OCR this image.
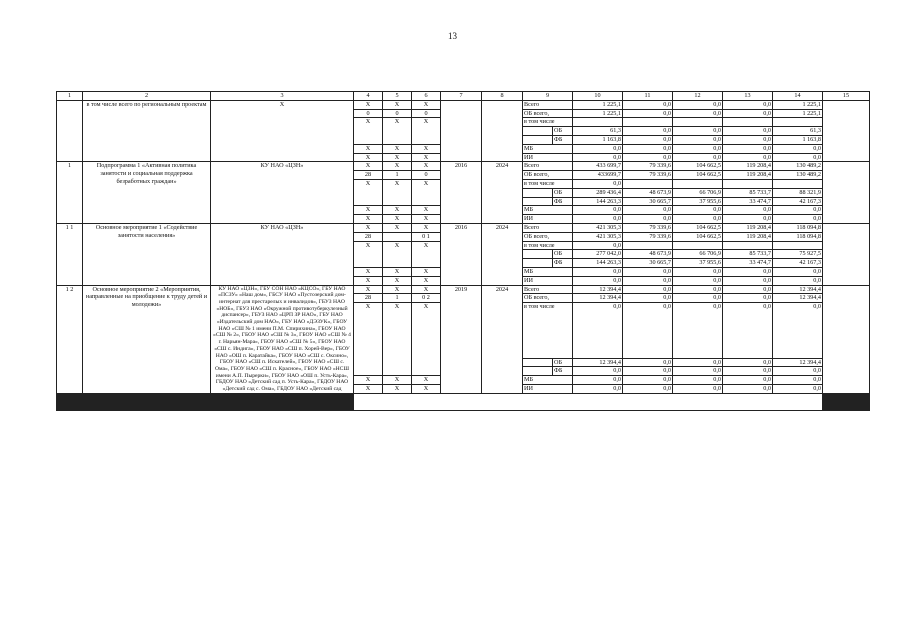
13
1	2	3	4	5	6	7	8	9		10	11	12	13	14	15
	в том числе всего по региональным проектам	Х	Х	Х	Х			Всего		1 225,1	0,0	0,0	0,0	1 225,1	
			0	0	0			ОБ всего,		1 225,1	0,0	0,0	0,0	1 225,1	
			Х	Х	Х			в том числе							
									ОБ	61,3	0,0	0,0	0,0	61,3	
									ФБ	1 163,8	0,0	0,0	0,0	1 163,8	
			Х	Х	Х			МБ		0,0	0,0	0,0	0,0	0,0	
			Х	Х	Х			ИИ		0,0	0,0	0,0	0,0	0,0	
1	Подпрограмма 1 «Активная политика занятости и социальная поддержка безработных граждан»	КУ НАО «ЦЗН»	Х	Х	Х	2016	2024	Всего		433 699,7	79 339,6	104 662,5	119 208,4	130 489,2	
			28	1	0			ОБ всего,		433699,7	79 339,6	104 662,5	119 208,4	130 489,2	
			Х	Х	Х			в том числе		0,0					
									ОБ	289 436,4	48 673,9	66 706,9	85 733,7	88 321,9	
									ФБ	144 263,3	30 665,7	37 955,6	33 474,7	42 167,3	
			Х	Х	Х			МБ		0,0	0,0	0,0	0,0	0,0	
			Х	Х	Х			ИИ		0,0	0,0	0,0	0,0	0,0	
1 1	Основное мероприятие 1 «Содействие занятости населения»	КУ НАО «ЦЗН»	Х	Х	Х	2016	2024	Всего		421 305,3	79 339,6	104 662,5	119 208,4	118 094,8	
			28		0 1			ОБ всего,		421 305,3	79 339,6	104 662,5	119 208,4	118 094,8	
			Х	Х	Х			в том числе		0,0					
									ОБ	277 042,0	48 673,9	66 706,9	85 733,7	75 927,5	
									ФБ	144 263,3	30 665,7	37 955,6	33 474,7	42 167,3	
			Х	Х	Х			МБ		0,0	0,0	0,0	0,0	0,0	
			Х	Х	Х			ИИ		0,0	0,0	0,0	0,0	0,0	
1 2	Основное мероприятие 2 «Мероприятия, направленные на приобщение к труду детей и молодежи»	КУ НАО «ЦЗН», ГБУ СОН НАО «КЦСО», ГБУ НАО «ПСЗУ» «Наш дом», ГБСУ НАО «Пустозерский дом-интернат для престарелых и инвалидов», ГБУЗ НАО «НОБ», ГБУЗ НАО «Окружной противотуберкулезный диспансер», ГБУЗ НАО «ЦРП ЗР НАО», ГБУ НАО «Издательский дом НАО», ГБУ НАО «ДЭЗУК», ГБОУ НАО «СШ № 1 имени П.М. Спирихина», ГБОУ НАО «СШ № 2», ГБОУ НАО «СШ № 3», ГБОУ НАО «СШ № 4 г. Нарьян-Мара», ГБОУ НАО «СШ № 5», ГБОУ НАО «СШ с. Индига», ГБОУ НАО «СШ п. Хорей-Вер», ГБОУ НАО «ОШ п. Каратайка», ГБОУ НАО «СШ с. Оксино», ГБОУ НАО «СШ п. Искателей», ГБОУ НАО «СШ с. Ома», ГБОУ НАО «СШ п. Красное», ГБОУ НАО «НСШ имени А.П. Пырерки», ГБОУ НАО «ОШ п. Усть-Кара», ГБДОУ НАО «Детский сад п. Усть-Кара», ГБДОУ НАО «Детский сад с. Ома», ГБДОУ НАО «Детский сад	Х	Х	Х	2019	2024	Всего		12 394,4	0,0	0,0	0,0	12 394,4	
			28	1	0 2			ОБ всего,		12 394,4	0,0	0,0	0,0	12 394,4	
			Х	Х	Х			в том числе		0,0	0,0	0,0	0,0	0,0	
									ОБ	12 394,4	0,0	0,0	0,0	12 394,4	
									ФБ	0,0	0,0	0,0	0,0	0,0	
			Х	Х	Х			МБ		0,0	0,0	0,0	0,0	0,0	
			Х	Х	Х			ИИ		0,0	0,0	0,0	0,0	0,0	
